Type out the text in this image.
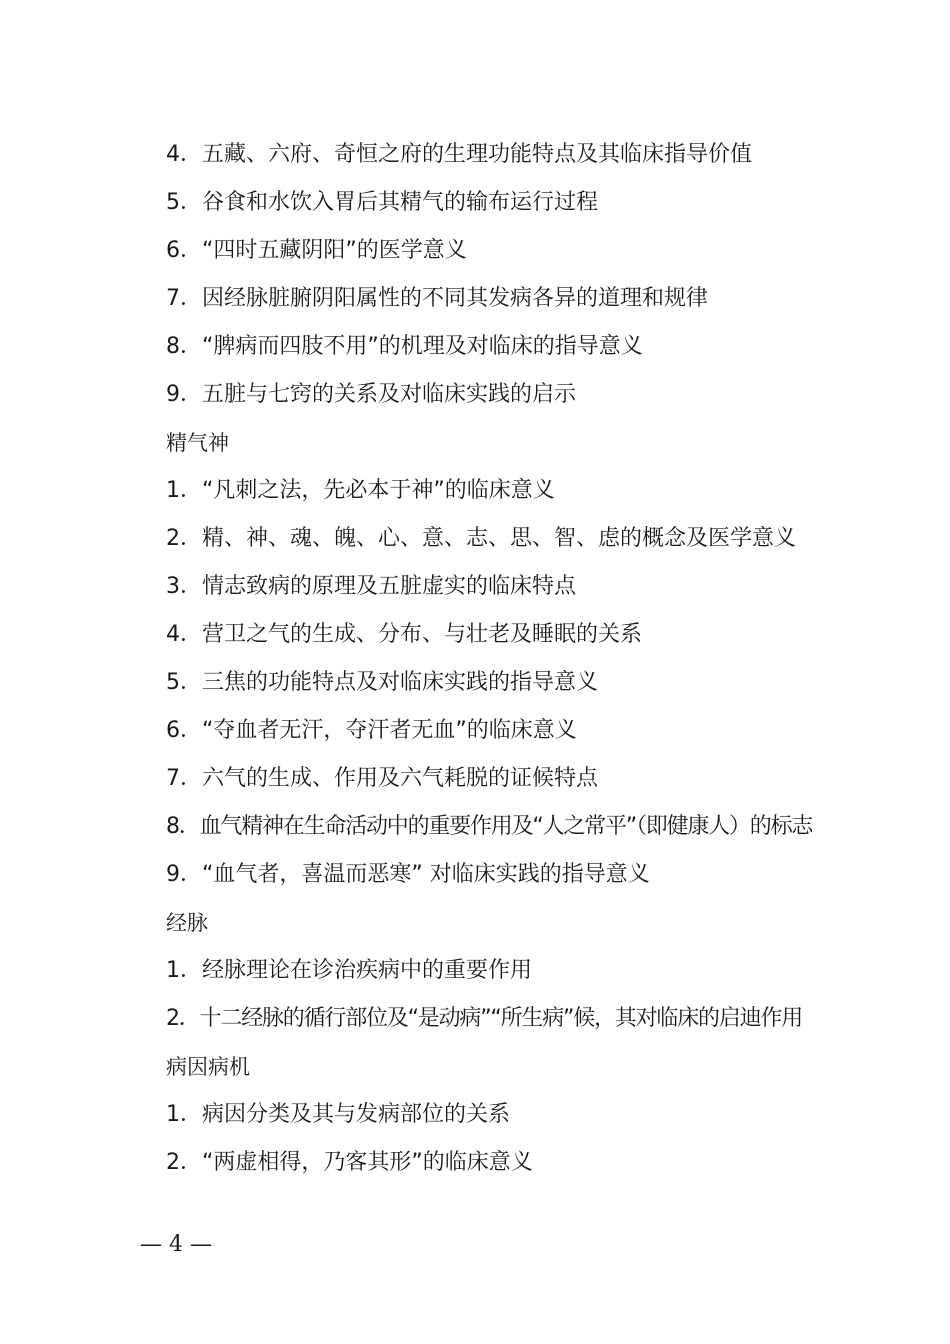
4．五藏、六府、奇恒之府的生理功能特点及其临床指导价值
5．谷食和水饮入胃后其精气的输布运行过程
6．“四时五藏阴阳”的医学意义
7．因经脉脏腑阴阳属性的不同其发病各异的道理和规律
8．“脾病而四肢不用”的机理及对临床的指导意义
9．五脏与七窍的关系及对临床实践的启示
精气神
1．“凡刺之法，先必本于神”的临床意义
2．精、神、魂、魄、心、意、志、思、智、虑的概念及医学意义
3．情志致病的原理及五脏虚实的临床特点
4．营卫之气的生成、分布、与壮老及睡眠的关系
5．三焦的功能特点及对临床实践的指导意义
6．“夺血者无汗，夺汗者无血”的临床意义
7．六气的生成、作用及六气耗脱的证候特点
8．血气精神在生命活动中的重要作用及“人之常平”（即健康人）的标志
9．“血气者，喜温而恶寒” 对临床实践的指导意义
经脉
1．经脉理论在诊治疾病中的重要作用
2．十二经脉的循行部位及“是动病”“所生病”候，其对临床的启迪作用
病因病机
1．病因分类及其与发病部位的关系
2．“两虚相得，乃客其形”的临床意义
— 4 —
